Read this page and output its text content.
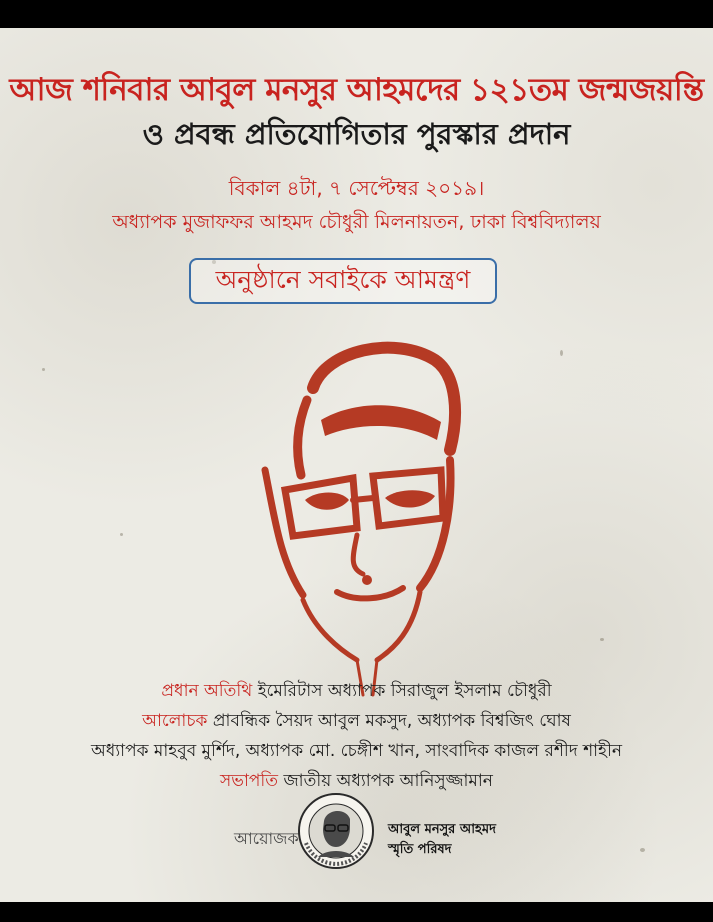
আজ শনিবার আবুল মনসুর আহমদের ১২১তম জন্মজয়ন্তি
ও প্রবন্ধ প্রতিযোগিতার পুরস্কার প্রদান
বিকাল ৪টা, ৭ সেপ্টেম্বর ২০১৯।
অধ্যাপক মুজাফফর আহমদ চৌধুরী মিলনায়তন, ঢাকা বিশ্ববিদ্যালয়
অনুষ্ঠানে সবাইকে আমন্ত্রণ
প্রধান অতিথি ইমেরিটাস অধ্যাপক সিরাজুল ইসলাম চৌধুরী
আলোচক প্রাবন্ধিক সৈয়দ আবুল মকসুদ, অধ্যাপক বিশ্বজিৎ ঘোষ
অধ্যাপক মাহবুব মুর্শিদ, অধ্যাপক মো. চেঙ্গীশ খান, সাংবাদিক কাজল রশীদ শাহীন
সভাপতি জাতীয় অধ্যাপক আনিসুজ্জামান
আয়োজক	আবুল মনসুর আহমদ
স্মৃতি পরিষদ
